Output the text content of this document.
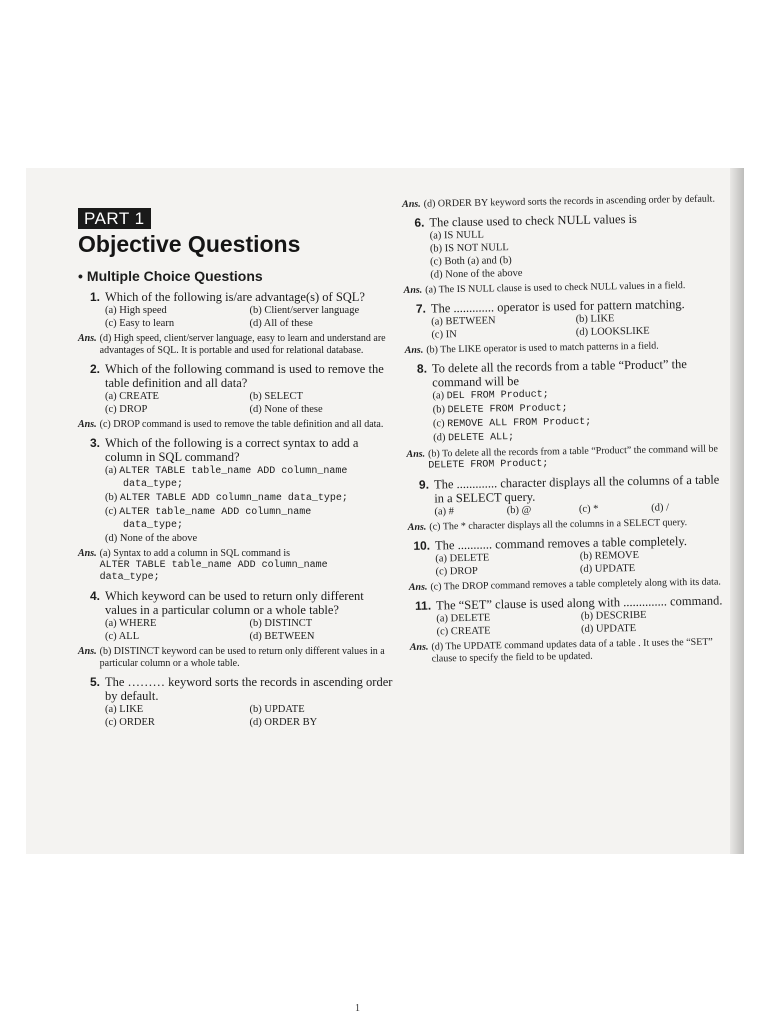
PART 1
Objective Questions
• Multiple Choice Questions
1. Which of the following is/are advantage(s) of SQL?
(a) High speed	(b) Client/server language
(c) Easy to learn	(d) All of these
Ans. (d) High speed, client/server language, easy to learn and understand are advantages of SQL. It is portable and used for relational database.
2. Which of the following command is used to remove the table definition and all data?
(a) CREATE	(b) SELECT
(c) DROP	(d) None of these
Ans. (c) DROP command is used to remove the table definition and all data.
3. Which of the following is a correct syntax to add a column in SQL command?
(a) ALTER TABLE table_name ADD column_name
data_type;
(b) ALTER TABLE ADD column_name data_type;
(c) ALTER table_name ADD column_name
data_type;
(d) None of the above
Ans. (a) Syntax to add a column in SQL command is
ALTER TABLE table_name ADD column_name
data_type;
4. Which keyword can be used to return only different values in a particular column or a whole table?
(a) WHERE	(b) DISTINCT
(c) ALL	(d) BETWEEN
Ans. (b) DISTINCT keyword can be used to return only different values in a particular column or a whole table.
5. The ……… keyword sorts the records in ascending order by default.
(a) LIKE	(b) UPDATE
(c) ORDER	(d) ORDER BY
Ans. (d) ORDER BY keyword sorts the records in ascending order by default.
6. The clause used to check NULL values is
(a) IS NULL
(b) IS NOT NULL
(c) Both (a) and (b)
(d) None of the above
Ans. (a) The IS NULL clause is used to check NULL values in a field.
7. The ............. operator is used for pattern matching.
(a) BETWEEN	(b) LIKE
(c) IN	(d) LOOKSLIKE
Ans. (b) The LIKE operator is used to match patterns in a field.
8. To delete all the records from a table “Product” the command will be
(a) DEL FROM Product;
(b) DELETE FROM Product;
(c) REMOVE ALL FROM Product;
(d) DELETE ALL;
Ans. (b) To delete all the records from a table “Product” the command will be
DELETE FROM Product;
9. The ............. character displays all the columns of a table in a SELECT query.
(a) #	(b) @	(c) *	(d) /
Ans. (c) The * character displays all the columns in a SELECT query.
10. The ........... command removes a table completely.
(a) DELETE	(b) REMOVE
(c) DROP	(d) UPDATE
Ans. (c) The DROP command removes a table completely along with its data.
11. The “SET” clause is used along with .............. command.
(a) DELETE	(b) DESCRIBE
(c) CREATE	(d) UPDATE
Ans. (d) The UPDATE command updates data of a table . It uses the “SET” clause to specify the field to be updated.
1
